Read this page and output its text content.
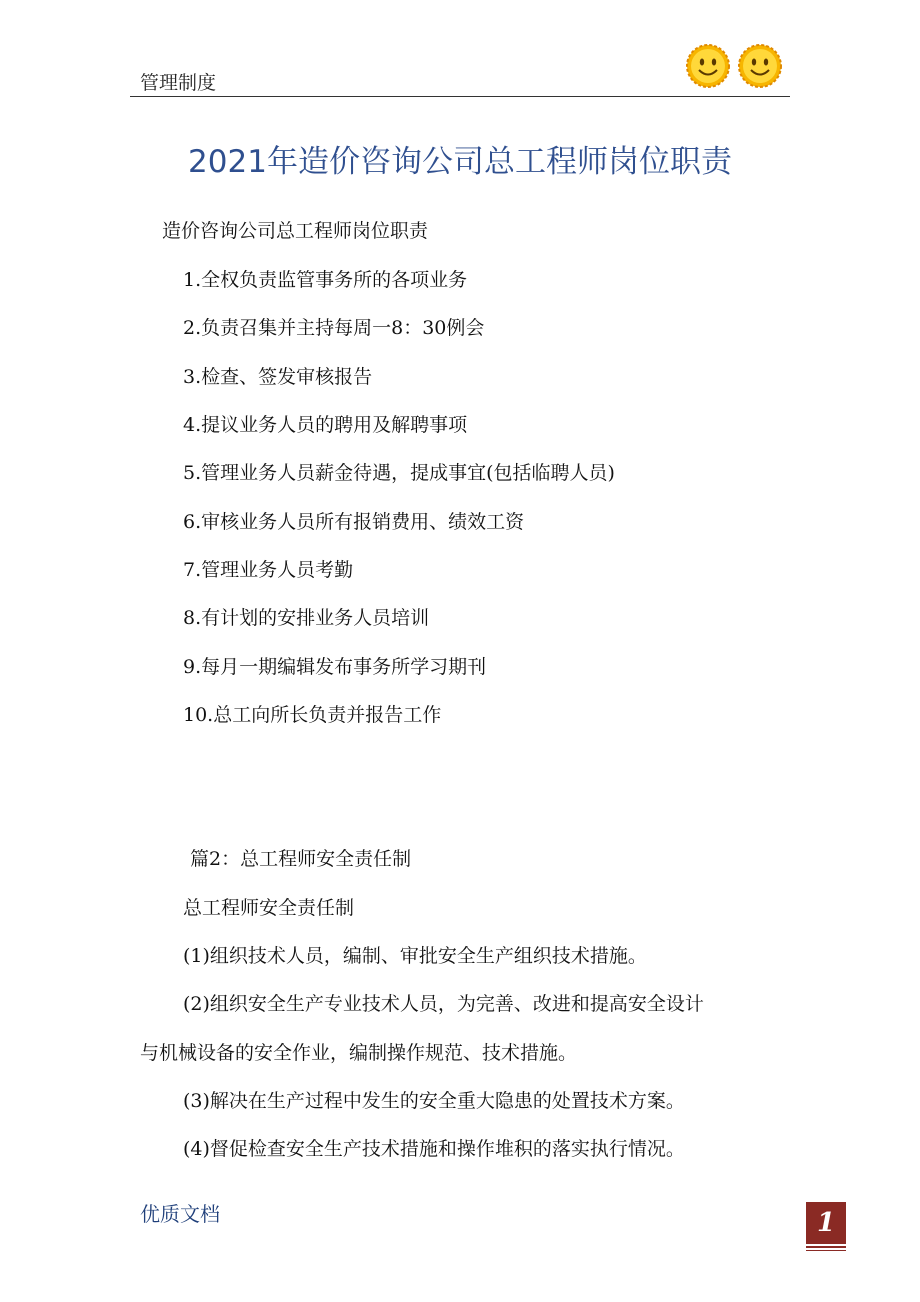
管理制度
2021年造价咨询公司总工程师岗位职责
造价咨询公司总工程师岗位职责
1.全权负责监管事务所的各项业务
2.负责召集并主持每周一8：30例会
3.检查、签发审核报告
4.提议业务人员的聘用及解聘事项
5.管理业务人员薪金待遇，提成事宜(包括临聘人员)
6.审核业务人员所有报销费用、绩效工资
7.管理业务人员考勤
8.有计划的安排业务人员培训
9.每月一期编辑发布事务所学习期刊
10.总工向所长负责并报告工作
篇2：总工程师安全责任制
总工程师安全责任制
(1)组织技术人员，编制、审批安全生产组织技术措施。
(2)组织安全生产专业技术人员，为完善、改进和提高安全设计
与机械设备的安全作业，编制操作规范、技术措施。
(3)解决在生产过程中发生的安全重大隐患的处置技术方案。
(4)督促检查安全生产技术措施和操作堆积的落实执行情况。
优质文档	1
